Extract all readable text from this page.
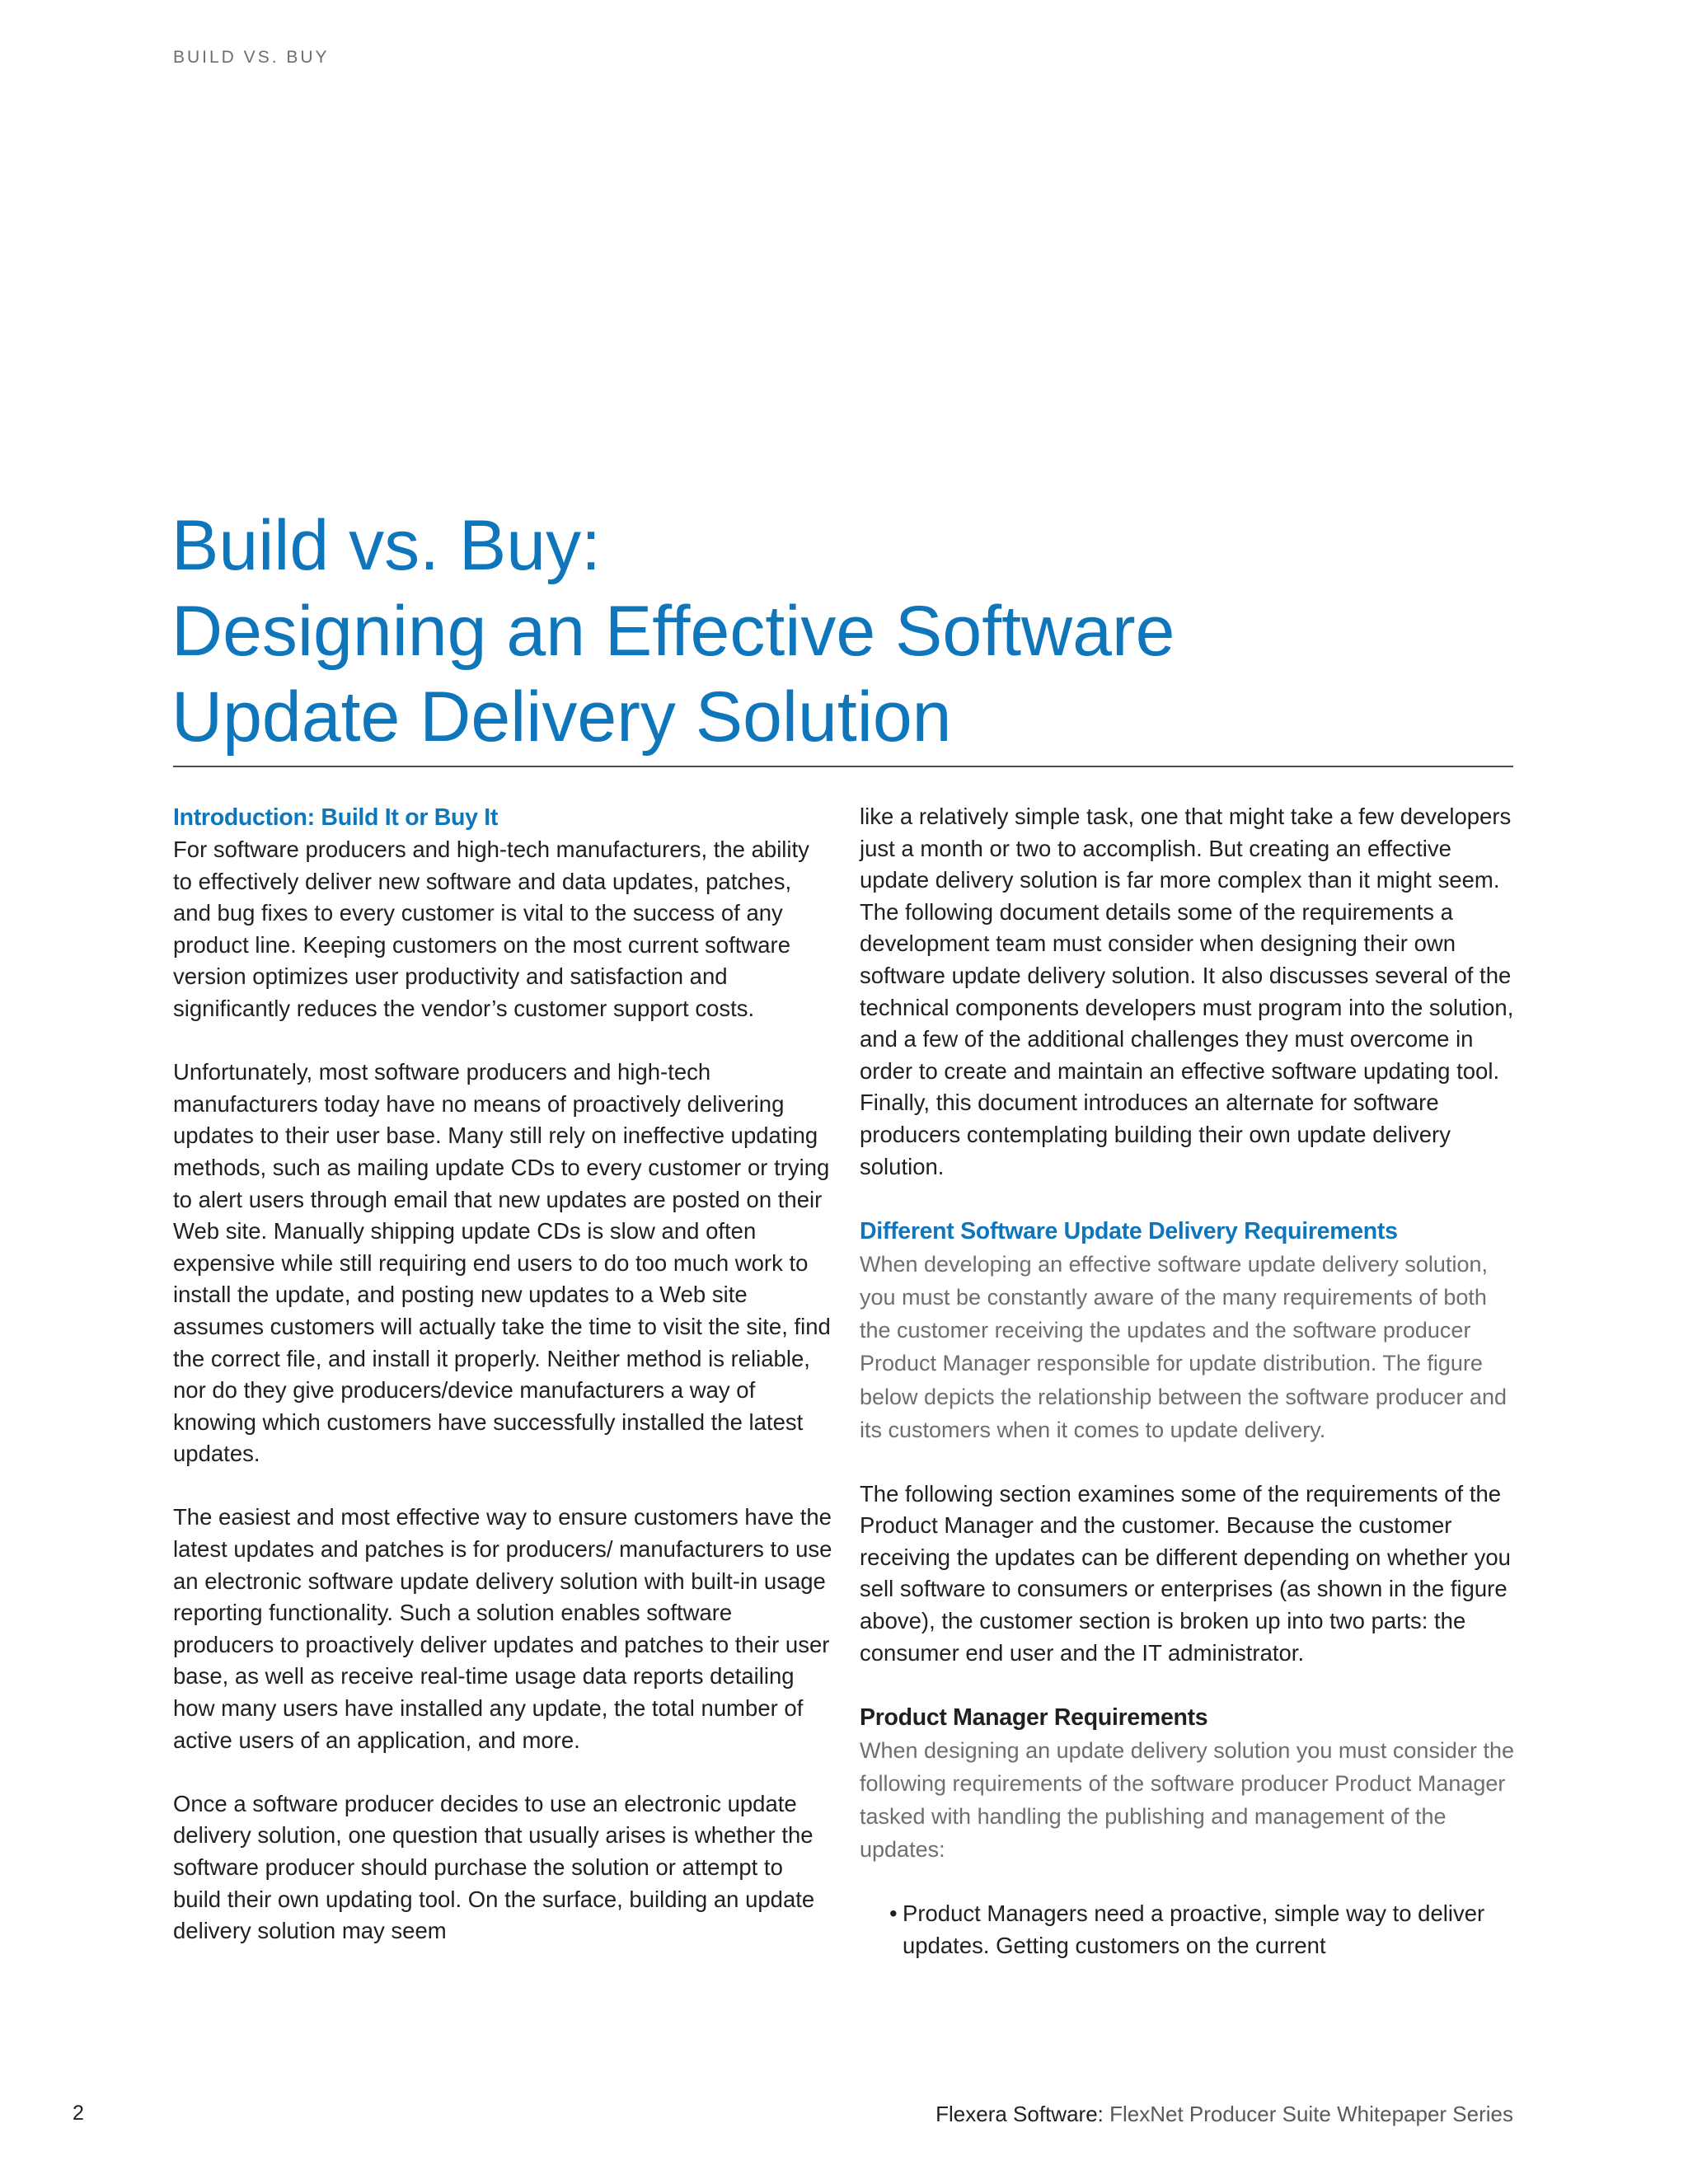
BUILD VS. BUY
Build vs. Buy:
Designing an Effective Software
Update Delivery Solution
Introduction: Build It or Buy It

For software producers and high-tech manufacturers, the ability to effectively deliver new software and data updates, patches, and bug fixes to every customer is vital to the success of any product line. Keeping customers on the most current software version optimizes user productivity and satisfaction and significantly reduces the vendor’s customer support costs.

Unfortunately, most software producers and high-tech manufacturers today have no means of proactively delivering updates to their user base. Many still rely on ineffective updating methods, such as mailing update CDs to every customer or trying to alert users through email that new updates are posted on their Web site. Manually shipping update CDs is slow and often expensive while still requiring end users to do too much work to install the update, and posting new updates to a Web site assumes customers will actually take the time to visit the site, find the correct file, and install it properly. Neither method is reliable, nor do they give producers/device manufacturers a way of knowing which customers have successfully installed the latest updates.

The easiest and most effective way to ensure customers have the latest updates and patches is for producers/ manufacturers to use an electronic software update delivery solution with built-in usage reporting functionality. Such a solution enables software producers to proactively deliver updates and patches to their user base, as well as receive real-time usage data reports detailing how many users have installed any update, the total number of active users of an application, and more.

Once a software producer decides to use an electronic update delivery solution, one question that usually arises is whether the software producer should purchase the solution or attempt to build their own updating tool. On the surface, building an update delivery solution may seem

like a relatively simple task, one that might take a few developers just a month or two to accomplish. But creating an effective update delivery solution is far more complex than it might seem. The following document details some of the requirements a development team must consider when designing their own software update delivery solution. It also discusses several of the technical components developers must program into the solution, and a few of the additional challenges they must overcome in order to create and maintain an effective software updating tool. Finally, this document introduces an alternate for software producers contemplating building their own update delivery solution.

Different Software Update Delivery Requirements

When developing an effective software update delivery solution, you must be constantly aware of the many requirements of both the customer receiving the updates and the software producer Product Manager responsible for update distribution. The figure below depicts the relationship between the software producer and its customers when it comes to update delivery.

The following section examines some of the requirements of the Product Manager and the customer. Because the customer receiving the updates can be different depending on whether you sell software to consumers or enterprises (as shown in the figure above), the customer section is broken up into two parts: the consumer end user and the IT administrator.

Product Manager Requirements

When designing an update delivery solution you must consider the following requirements of the software producer Product Manager tasked with handling the publishing and management of the updates:

• Product Managers need a proactive, simple way to deliver updates. Getting customers on the current
2	Flexera Software: FlexNet Producer Suite Whitepaper Series
